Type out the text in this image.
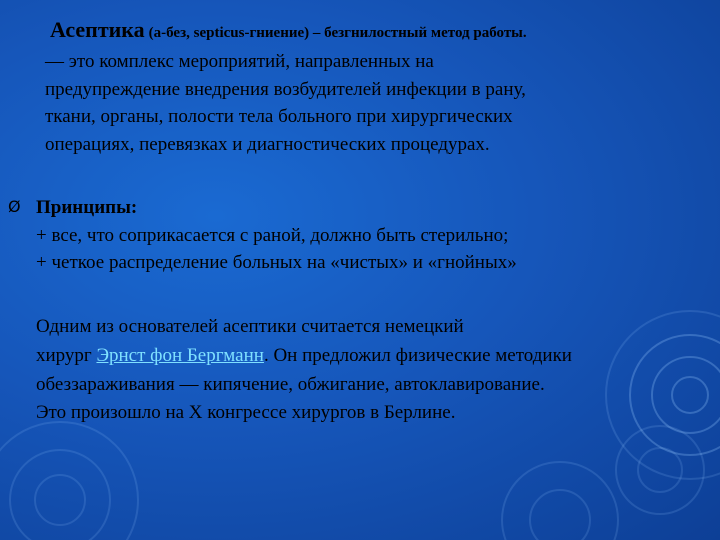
Асептика (а-без, septicus-гниение) – безгнилостный метод работы.
— это комплекс мероприятий, направленных на
предупреждение внедрения возбудителей инфекции в рану,
ткани, органы, полости тела больного при хирургических
операциях, перевязках и диагностических процедурах.
Ø Принципы:
+ все, что соприкасается с раной, должно быть стерильно;
+ четкое распределение больных на «чистых» и «гнойных»
Одним из основателей асептики считается немецкий
хирург Эрнст фон Бергманн. Он предложил физические методики
обеззараживания — кипячение, обжигание, автоклавирование.
Это произошло на X конгрессе хирургов в Берлине.
